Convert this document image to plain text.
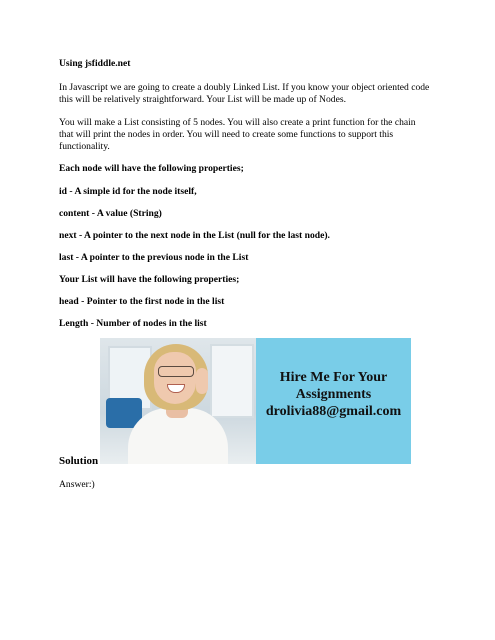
Using jsfiddle.net

In Javascript we are going to create a doubly Linked List. If you know your object oriented code

this will be relatively straightforward. Your List will be made up of Nodes.

You will make a List consisting of 5 nodes. You will also create a print function for the chain

that will print the nodes in order. You will need to create some functions to support this

functionality.

Each node will have the following properties;

id - A simple id for the node itself,

content - A value (String)

next - A pointer to the next node in the List (null for the last node).

last - A pointer to the previous node in the List

Your List will have the following properties;

head - Pointer to the first node in the list

Length - Number of nodes in the list

Hire Me For Your
Assignments
drolivia88@gmail.com

Solution

Answer:)
